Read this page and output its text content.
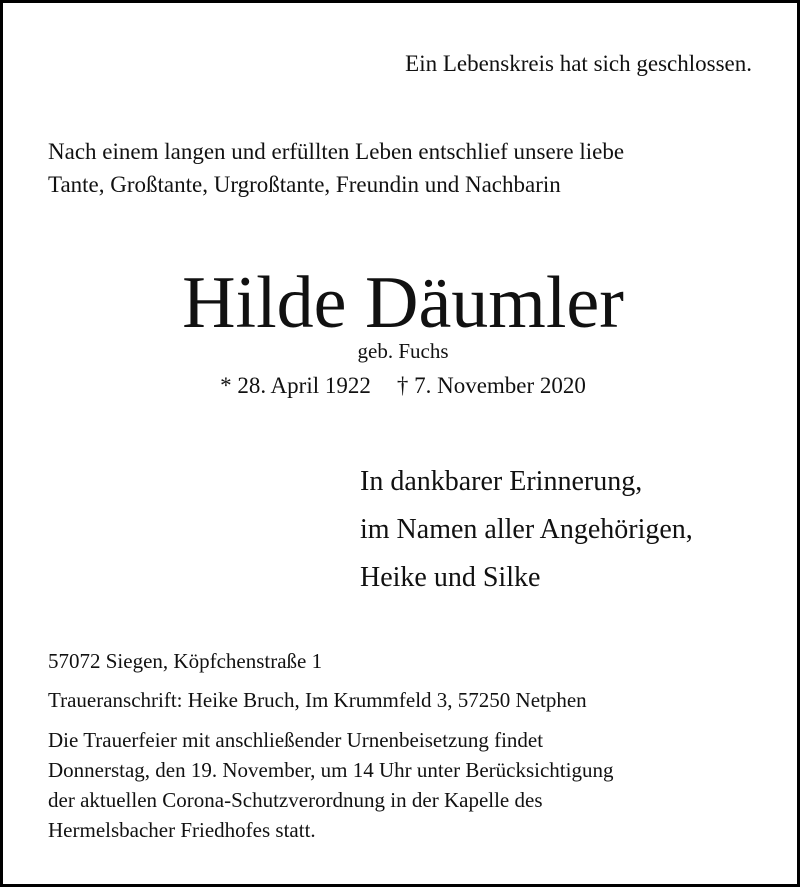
Ein Lebenskreis hat sich geschlossen.
Nach einem langen und erfüllten Leben entschlief unsere liebe
Tante, Großtante, Urgroßtante, Freundin und Nachbarin
Hilde Däumler
geb. Fuchs
* 28. April 1922 † 7. November 2020
In dankbarer Erinnerung,
im Namen aller Angehörigen,
Heike und Silke
57072 Siegen, Köpfchenstraße 1
Traueranschrift: Heike Bruch, Im Krummfeld 3, 57250 Netphen
Die Trauerfeier mit anschließender Urnenbeisetzung findet
Donnerstag, den 19. November, um 14 Uhr unter Berücksichtigung
der aktuellen Corona-Schutzverordnung in der Kapelle des
Hermelsbacher Friedhofes statt.
